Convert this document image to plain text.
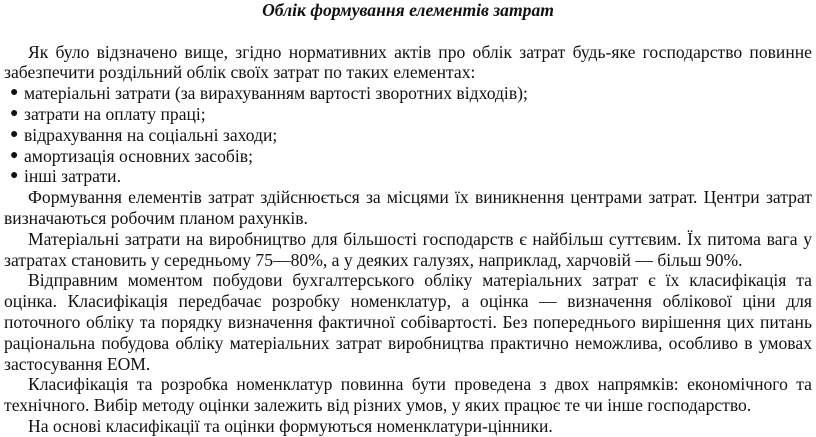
Облік формування елементів затрат

Як було відзначено вище, згідно нормативних актів про облік затрат будь-яке господарство повинне забезпечити роздільний облік своїх затрат по таких елементах:

● матеріальні затрати (за вирахуванням вартості зворотних відходів);
● затрати на оплату праці;
● відрахування на соціальні заходи;
● амортизація основних засобів;
● інші затрати.

Формування елементів затрат здійснюється за місцями їх виникнення центрами затрат. Центри затрат визначаються робочим планом рахунків.

Матеріальні затрати на виробництво для більшості господарств є найбільш суттєвим. Їх питома вага у затратах становить у середньому 75—80%, а у деяких галузях, наприклад, харчовій — більш 90%.

Відправним моментом побудови бухгалтерського обліку матеріальних затрат є їх класифікація та оцінка. Класифікація передбачає розробку номенклатур, а оцінка — визначення облікової ціни для поточного обліку та порядку визначення фактичної собівартості. Без попереднього вирішення цих питань раціональна побудова обліку матеріальних затрат виробництва практично неможлива, особливо в умовах застосування ЕОМ.

Класифікація та розробка номенклатур повинна бути проведена з двох напрямків: економічного та технічного. Вибір методу оцінки залежить від різних умов, у яких працює те чи інше господарство.

На основі класифікації та оцінки формуються номенклатури-цінники.
